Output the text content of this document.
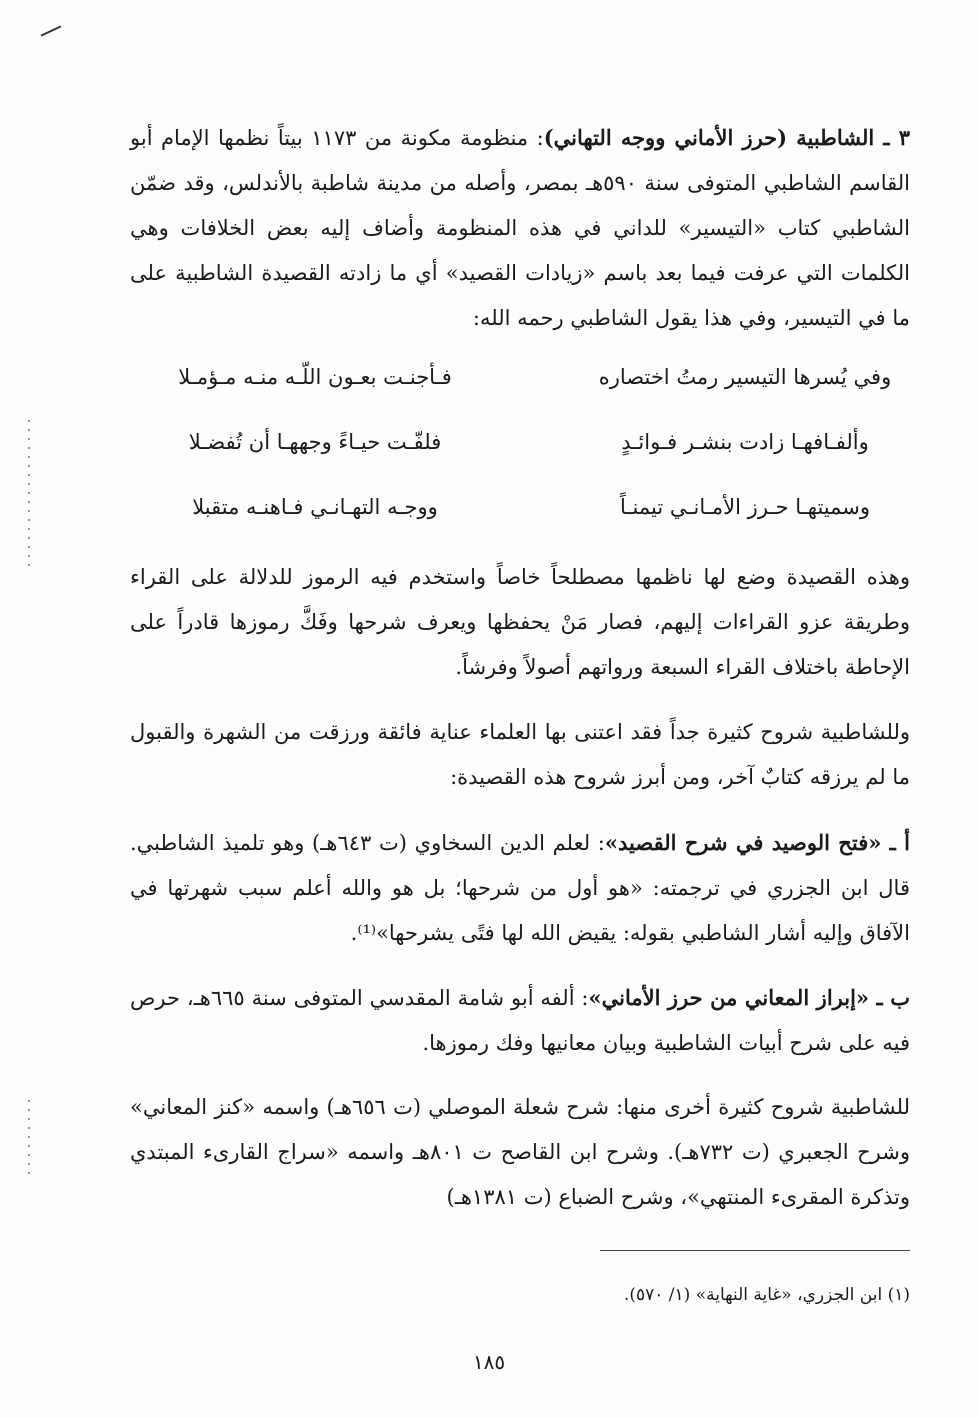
٣ ـ الشاطبية (حرز الأماني ووجه التهاني): منظومة مكونة من ١١٧٣ بيتاً نظمها الإمام أبو القاسم الشاطبي المتوفى سنة ٥٩٠هـ بمصر، وأصله من مدينة شاطبة بالأندلس، وقد ضمّن الشاطبي كتاب «التيسير» للداني في هذه المنظومة وأضاف إليه بعض الخلافات وهي الكلمات التي عرفت فيما بعد باسم «زيادات القصيد» أي ما زادته القصيدة الشاطبية على ما في التيسير، وفي هذا يقول الشاطبي رحمه الله:
وفي يُسرها التيسير رمتُ اختصاره
فـأجنـت بعـون اللّـه منـه مـؤمـلا
وألفـافهـا زادت بنشـر فـوائـدٍ
فلفّـت حيـاءً وجههـا أن تُفضـلا
وسميتهـا حـرز الأمـانـي تيمنـاً
ووجـه التهـانـي فـاهنـه متقبلا
وهذه القصيدة وضع لها ناظمها مصطلحاً خاصاً واستخدم فيه الرموز للدلالة على القراء وطريقة عزو القراءات إليهم، فصار مَنْ يحفظها ويعرف شرحها وفَكَّ رموزها قادراً على الإحاطة باختلاف القراء السبعة ورواتهم أصولاً وفرشاً.
وللشاطبية شروح كثيرة جداً فقد اعتنى بها العلماء عناية فائقة ورزقت من الشهرة والقبول ما لم يرزقه كتابٌ آخر، ومن أبرز شروح هذه القصيدة:
أ ـ «فتح الوصيد في شرح القصيد»: لعلم الدين السخاوي (ت ٦٤٣هـ) وهو تلميذ الشاطبي. قال ابن الجزري في ترجمته: «هو أول من شرحها؛ بل هو والله أعلم سبب شهرتها في الآفاق وإليه أشار الشاطبي بقوله: يقيض الله لها فتًى يشرحها»⁽¹⁾.
ب ـ «إبراز المعاني من حرز الأماني»: ألفه أبو شامة المقدسي المتوفى سنة ٦٦٥هـ، حرص فيه على شرح أبيات الشاطبية وبيان معانيها وفك رموزها.
للشاطبية شروح كثيرة أخرى منها: شرح شعلة الموصلي (ت ٦٥٦هـ) واسمه «كنز المعاني» وشرح الجعبري (ت ٧٣٢هـ). وشرح ابن القاصح ت ٨٠١هـ واسمه «سراج القارىء المبتدي وتذكرة المقرىء المنتهي»، وشرح الضباع (ت ١٣٨١هـ)
(١) ابن الجزري، «غاية النهاية» (١/ ٥٧٠).
١٨٥
